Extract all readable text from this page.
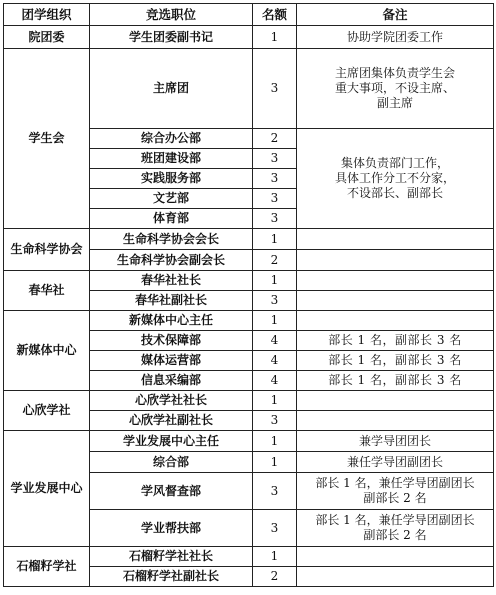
团学组织	竞选职位	名额	备注
院团委	学生团委副书记	1	协助学院团委工作
学生会	主席团	3	主席团集体负责学生会
重大事项，不设主席、
副主席

	综合办公部	2	集体负责部门工作，
具体工作分工不分家，
不设部长、副部长

	班团建设部	3	
	实践服务部	3	
	文艺部	3	
	体育部	3	
生命科学协会	生命科学协会会长	1	
	生命科学协会副会长	2	
春华社	春华社社长	1	
	春华社副社长	3	
新媒体中心	新媒体中心主任	1	
	技术保障部	4	部长 1 名，副部长 3 名
	媒体运营部	4	部长 1 名，副部长 3 名
	信息采编部	4	部长 1 名，副部长 3 名
心欣学社	心欣学社社长	1	
	心欣学社副社长	3	
学业发展中心	学业发展中心主任	1	兼学导团团长
	综合部	1	兼任学导团副团长
	学风督查部	3	部长 1 名，兼任学导团副团长
副部长 2 名

	学业帮扶部	3	部长 1 名，兼任学导团副团长
副部长 2 名

石榴籽学社	石榴籽学社社长	1	
	石榴籽学社副社长	2	
